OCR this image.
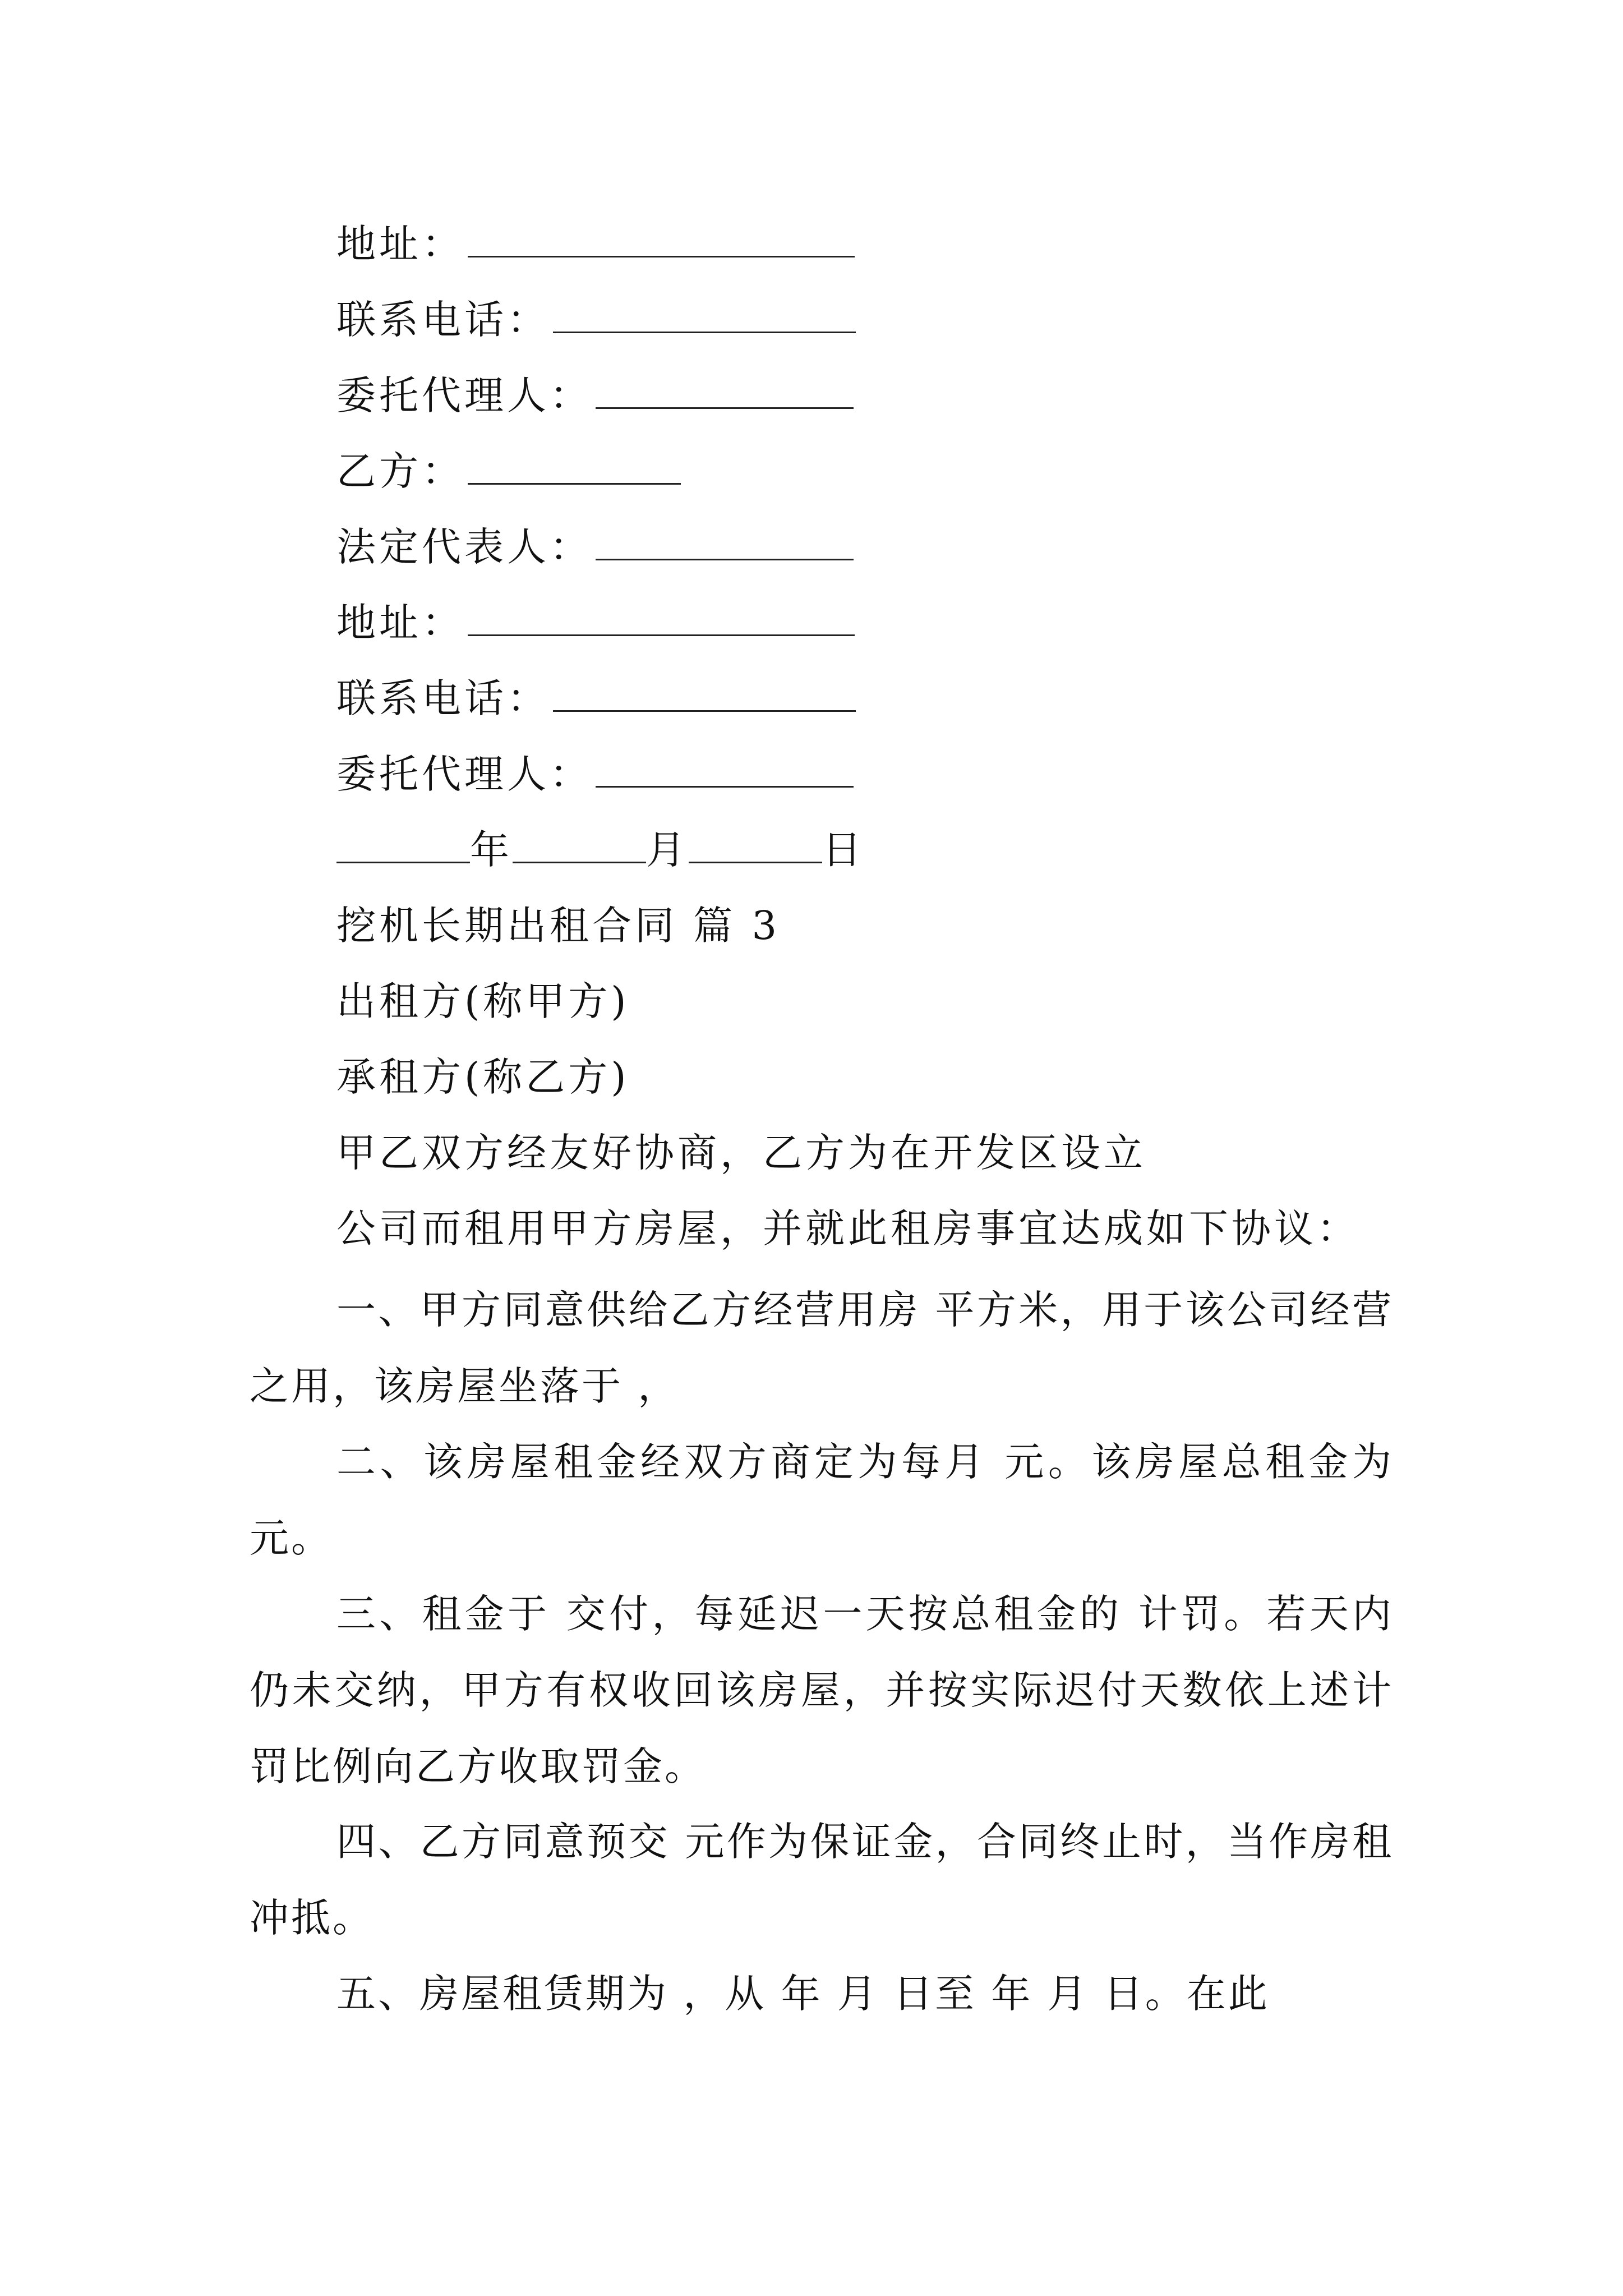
地址：
联系电话：
委托代理人：
乙方：
法定代表人：
地址：
联系电话：
委托代理人：
年	月	日
挖机长期出租合同 篇 3
出租方(称甲方)
承租方(称乙方)
甲乙双方经友好协商，乙方为在开发区设立
公司而租用甲方房屋，并就此租房事宜达成如下协议：
一、甲方同意供给乙方经营用房 平方米，用于该公司经营之用，该房屋坐落于 ，
二、该房屋租金经双方商定为每月 元。该房屋总租金为 元。
三、租金于 交付，每延迟一天按总租金的 计罚。若天内仍未交纳，甲方有权收回该房屋，并按实际迟付天数依上述计罚比例向乙方收取罚金。
四、乙方同意预交 元作为保证金，合同终止时，当作房租冲抵。
五、房屋租赁期为 ，从 年 月 日至 年 月 日。在此
